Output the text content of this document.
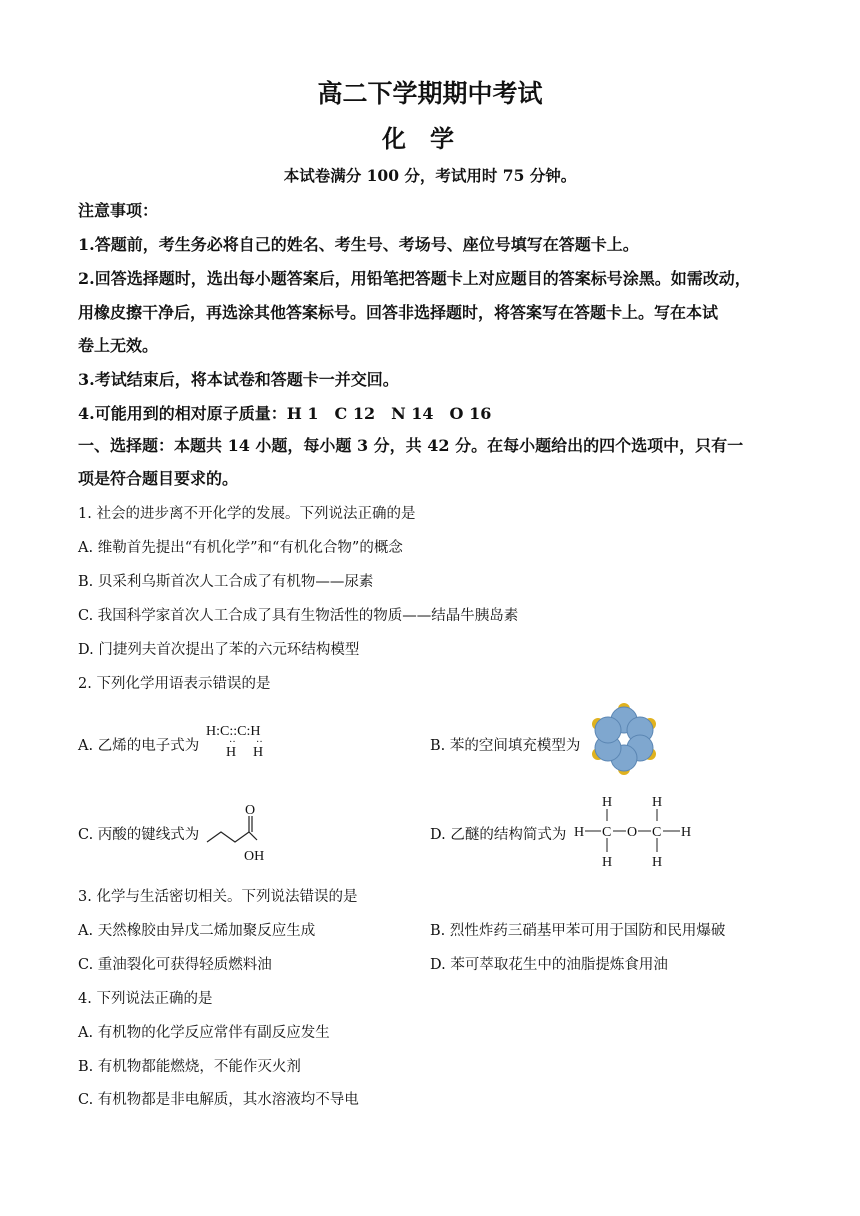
高二下学期期中考试
化学
本试卷满分 100 分，考试用时 75 分钟。
注意事项：
1.答题前，考生务必将自己的姓名、考生号、考场号、座位号填写在答题卡上。
2.回答选择题时，选出每小题答案后，用铅笔把答题卡上对应题目的答案标号涂黑。如需改动，
用橡皮擦干净后，再选涂其他答案标号。回答非选择题时，将答案写在答题卡上。写在本试
卷上无效。
3.考试结束后，将本试卷和答题卡一并交回。
4.可能用到的相对原子质量：H 1　C 12　N 14　O 16
一、选择题：本题共 14 小题，每小题 3 分，共 42 分。在每小题给出的四个选项中，只有一
项是符合题目要求的。
1. 社会的进步离不开化学的发展。下列说法正确的是
A. 维勒首先提出“有机化学”和“有机化合物”的概念
B. 贝采利乌斯首次人工合成了有机物——尿素
C. 我国科学家首次人工合成了具有生物活性的物质——结晶牛胰岛素
D. 门捷列夫首次提出了苯的六元环结构模型
2. 下列化学用语表示错误的是
A. 乙烯的电子式为
H:C::C:H
H H
·· ··	B. 苯的空间填充模型为
C. 丙酸的键线式为
O
OH
D. 乙醚的结构简式为
H	H
H C O C H
H	H
3. 化学与生活密切相关。下列说法错误的是
A. 天然橡胶由异戊二烯加聚反应生成	B. 烈性炸药三硝基甲苯可用于国防和民用爆破
C. 重油裂化可获得轻质燃料油	D. 苯可萃取花生中的油脂提炼食用油
4. 下列说法正确的是
A. 有机物的化学反应常伴有副反应发生
B. 有机物都能燃烧，不能作灭火剂
C. 有机物都是非电解质，其水溶液均不导电
